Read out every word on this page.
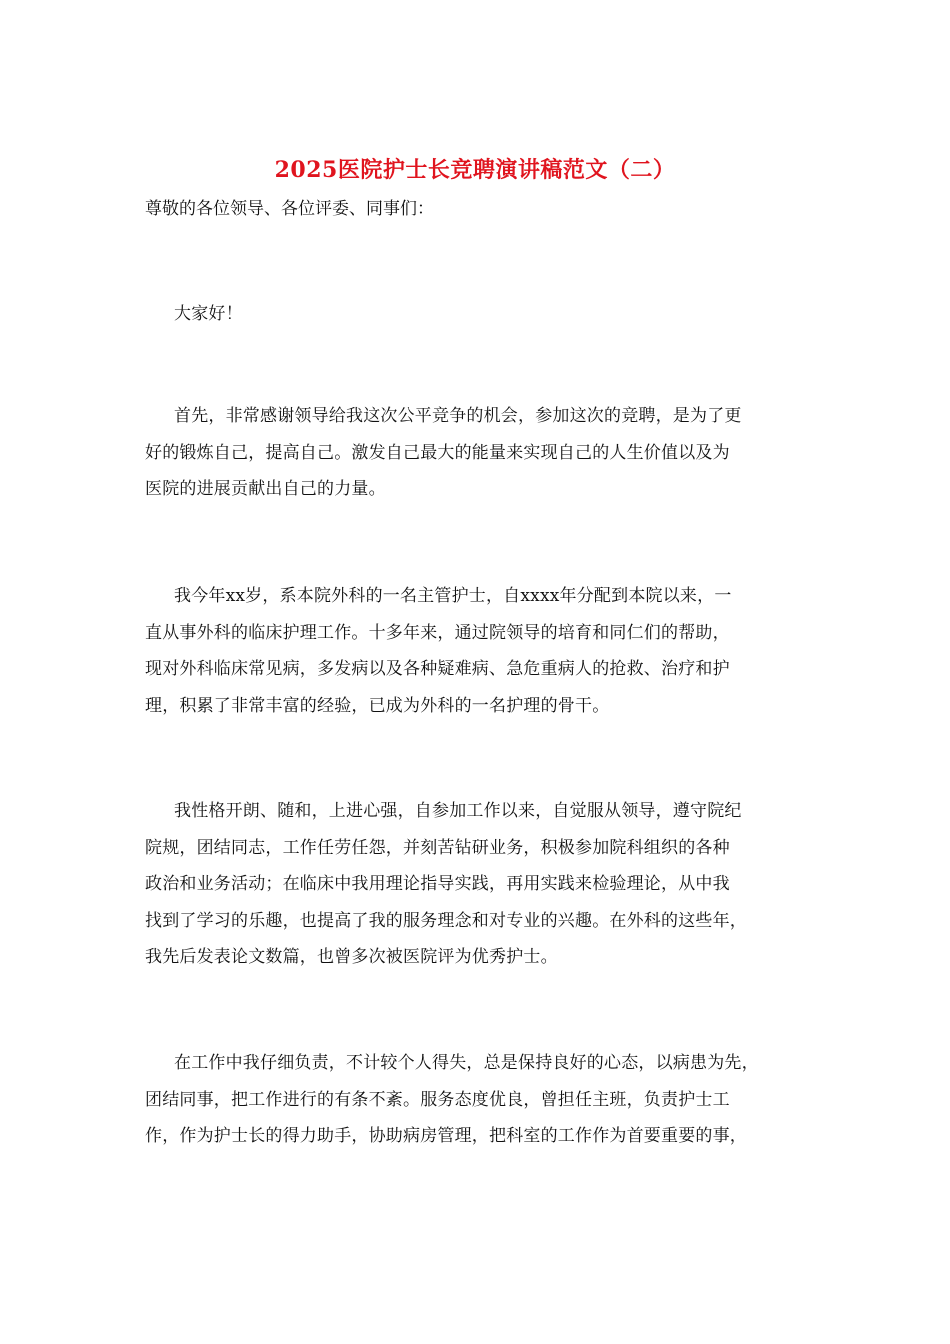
2025医院护士长竞聘演讲稿范文（二）
尊敬的各位领导、各位评委、同事们：
大家好！
首先，非常感谢领导给我这次公平竞争的机会，参加这次的竞聘，是为了更
好的锻炼自己，提高自己。激发自己最大的能量来实现自己的人生价值以及为
医院的进展贡献出自己的力量。
我今年xx岁，系本院外科的一名主管护士，自xxxx年分配到本院以来，一
直从事外科的临床护理工作。十多年来，通过院领导的培育和同仁们的帮助，
现对外科临床常见病，多发病以及各种疑难病、急危重病人的抢救、治疗和护
理，积累了非常丰富的经验，已成为外科的一名护理的骨干。
我性格开朗、随和，上进心强，自参加工作以来，自觉服从领导，遵守院纪
院规，团结同志，工作任劳任怨，并刻苦钻研业务，积极参加院科组织的各种
政治和业务活动；在临床中我用理论指导实践，再用实践来检验理论，从中我
找到了学习的乐趣，也提高了我的服务理念和对专业的兴趣。在外科的这些年，
我先后发表论文数篇，也曾多次被医院评为优秀护士。
在工作中我仔细负责，不计较个人得失，总是保持良好的心态，以病患为先，
团结同事，把工作进行的有条不紊。服务态度优良，曾担任主班，负责护士工
作，作为护士长的得力助手，协助病房管理，把科室的工作作为首要重要的事，
